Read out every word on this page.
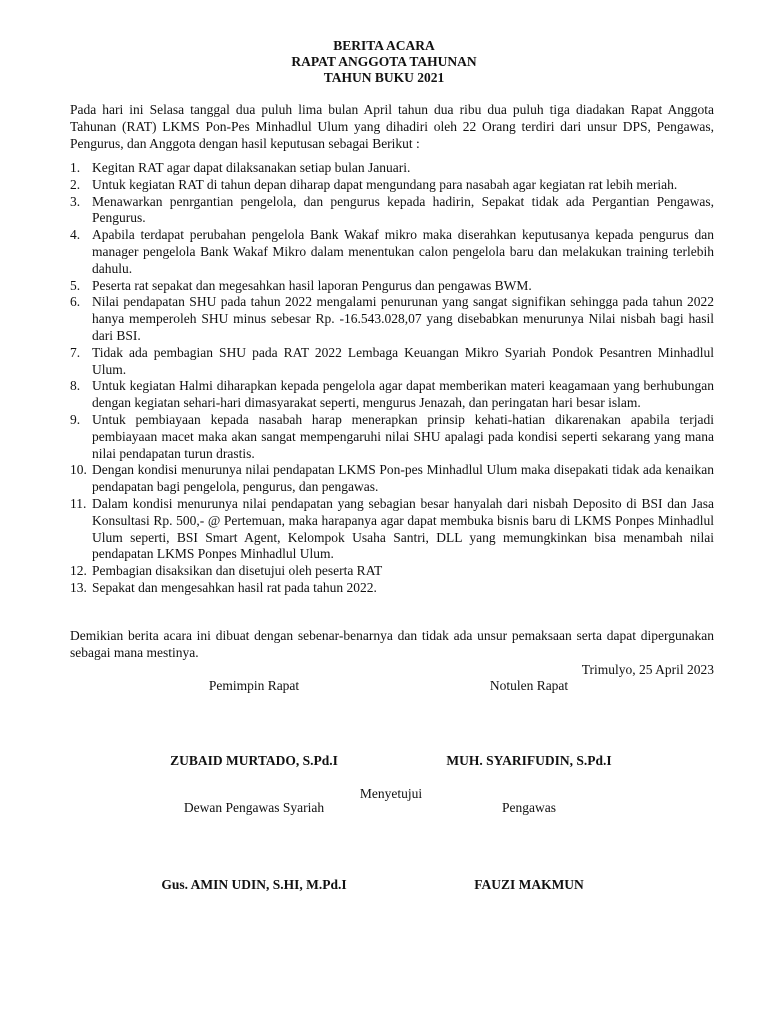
BERITA ACARA
RAPAT ANGGOTA TAHUNAN
TAHUN BUKU 2021
Pada hari ini Selasa tanggal dua puluh lima bulan April tahun dua ribu dua puluh tiga diadakan Rapat Anggota Tahunan (RAT) LKMS Pon-Pes Minhadlul Ulum yang dihadiri oleh 22 Orang terdiri dari unsur DPS, Pengawas, Pengurus, dan Anggota dengan hasil keputusan sebagai Berikut :
1. Kegitan RAT agar dapat dilaksanakan setiap bulan Januari.
2. Untuk kegiatan RAT di tahun depan diharap dapat mengundang para nasabah agar kegiatan rat lebih meriah.
3. Menawarkan penrgantian pengelola, dan pengurus kepada hadirin, Sepakat tidak ada Pergantian Pengawas, Pengurus.
4. Apabila terdapat perubahan pengelola Bank Wakaf mikro maka diserahkan keputusanya kepada pengurus dan manager pengelola Bank Wakaf Mikro dalam menentukan calon pengelola baru dan melakukan training terlebih dahulu.
5. Peserta rat sepakat dan megesahkan hasil laporan Pengurus dan pengawas BWM.
6. Nilai pendapatan SHU pada tahun 2022 mengalami penurunan yang sangat signifikan sehingga pada tahun 2022 hanya memperoleh SHU minus sebesar Rp. -16.543.028,07 yang disebabkan menurunya Nilai nisbah bagi hasil dari BSI.
7. Tidak ada pembagian SHU pada RAT 2022 Lembaga Keuangan Mikro Syariah Pondok Pesantren Minhadlul Ulum.
8. Untuk kegiatan Halmi diharapkan kepada pengelola agar dapat memberikan materi keagamaan yang berhubungan dengan kegiatan sehari-hari dimasyarakat seperti, mengurus Jenazah, dan peringatan hari besar islam.
9. Untuk pembiayaan kepada nasabah harap menerapkan prinsip kehati-hatian dikarenakan apabila terjadi pembiayaan macet maka akan sangat mempengaruhi nilai SHU apalagi pada kondisi seperti sekarang yang mana nilai pendapatan turun drastis.
10. Dengan kondisi menurunya nilai pendapatan LKMS Pon-pes Minhadlul Ulum maka disepakati tidak ada kenaikan pendapatan bagi pengelola, pengurus, dan pengawas.
11. Dalam kondisi menurunya nilai pendapatan yang sebagian besar hanyalah dari nisbah Deposito di BSI dan Jasa Konsultasi Rp. 500,- @ Pertemuan, maka harapanya agar dapat membuka bisnis baru di LKMS Ponpes Minhadlul Ulum seperti, BSI Smart Agent, Kelompok Usaha Santri, DLL yang memungkinkan bisa menambah nilai pendapatan LKMS Ponpes Minhadlul Ulum.
12. Pembagian disaksikan dan disetujui oleh peserta RAT
13. Sepakat dan mengesahkan hasil rat pada tahun 2022.
Demikian berita acara ini dibuat dengan sebenar-benarnya dan tidak ada unsur pemaksaan serta dapat dipergunakan sebagai mana mestinya.
Trimulyo, 25 April 2023
Pemimpin Rapat	Notulen Rapat
ZUBAID MURTADO, S.Pd.I	MUH. SYARIFUDIN, S.Pd.I
Menyetujui
Dewan Pengawas Syariah	Pengawas
Gus. AMIN UDIN, S.HI, M.Pd.I	FAUZI MAKMUN
